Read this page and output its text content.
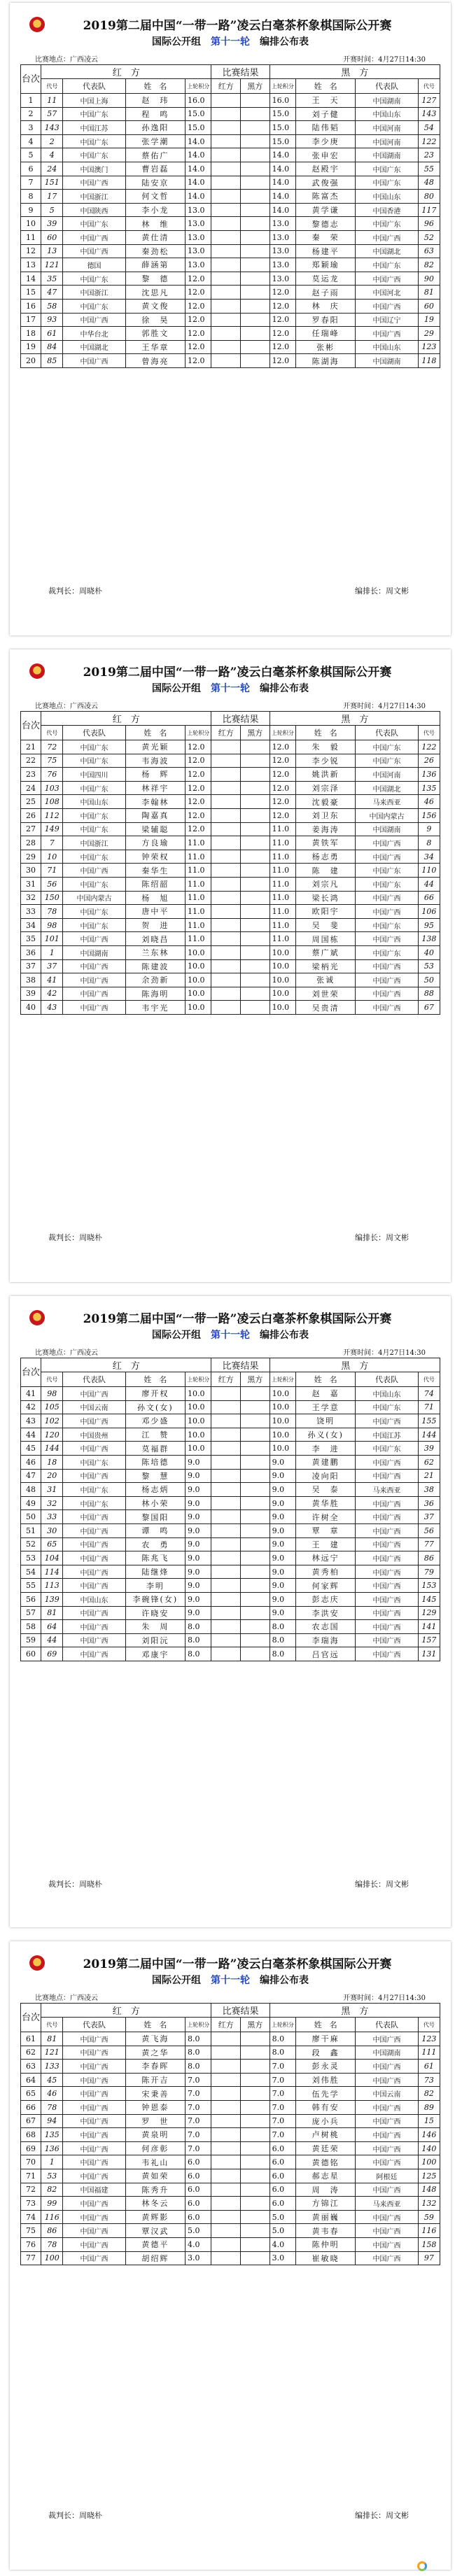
2019第二届中国“一带一路”凌云白毫茶杯象棋国际公开赛
国际公开组　 第十一轮　 编排公布表
比赛地点：广西凌云	开赛时间：4月27日14:30
台次	红　方				比赛结果		黑　方			
	代号	代表队	姓　名	上轮积分	红方	黑方	上轮积分	姓　名	代表队	代号
1	11	中国上海	赵　玮	16.0			16.0	王　天	中国湖南	127
2	57	中国广东	程　鸣	15.0			15.0	刘子健	中国山东	143
3	143	中国江苏	孙逸阳	15.0			15.0	陆伟韬	中国河南	54
4	2	中国广东	张学潮	14.0			15.0	李少庚	中国河南	122
5	4	中国广东	蔡佑广	14.0			14.0	张申宏	中国湖南	23
6	24	中国澳门	曹岩磊	14.0			14.0	赵殿宇	中国广东	55
7	151	中国广西	陆安京	14.0			14.0	武俊强	中国广东	48
8	17	中国浙江	何文哲	14.0			14.0	陈富杰	中国山东	80
9	5	中国陕西	李小龙	13.0			14.0	黄学谦	中国香港	117
10	39	中国广东	林　维	13.0			13.0	黎德志	中国广东	96
11	60	中国广西	黄仕清	13.0			13.0	秦　荣	中国广西	52
12	13	中国广西	秦劲松	13.0			13.0	杨建平	中国湖北	63
13	121	德国	薛涵第	13.0			13.0	郑颖瑜	中国广东	82
14	35	中国广东	黎　德	12.0			13.0	莫运龙	中国广西	90
15	47	中国浙江	沈思凡	12.0			12.0	赵子雨	中国河北	81
16	58	中国广东	黄文俊	12.0			12.0	林　庆	中国广西	60
17	93	中国广西	徐　昊	12.0			12.0	罗春阳	中国辽宁	19
18	61	中华台北	郭胜文	12.0			12.0	任瑞峰	中国广西	29
19	84	中国湖北	王华章	12.0			12.0	张彬	中国山东	123
20	85	中国广西	曾海亮	12.0			12.0	陈湖海	中国湖南	118
裁判长：周晓朴	编排长：周文彬
2019第二届中国“一带一路”凌云白毫茶杯象棋国际公开赛
国际公开组　 第十一轮　 编排公布表
比赛地点：广西凌云	开赛时间：4月27日14:30
台次	红　方				比赛结果		黑　方			
	代号	代表队	姓　名	上轮积分	红方	黑方	上轮积分	姓　名	代表队	代号
21	72	中国广东	黄光颖	12.0			12.0	朱　毅	中国广东	122
22	75	中国广东	韦海波	12.0			12.0	李少锐	中国广东	26
23	76	中国四川	杨　辉	12.0			12.0	姚洪新	中国河南	136
24	103	中国广东	林祥宇	12.0			12.0	刘宗泽	中国湖北	135
25	108	中国山东	李翰林	12.0			12.0	沈毅豪	马来西亚	46
26	112	中国广东	陶嘉真	12.0			12.0	刘卫东	中国内蒙古	156
27	149	中国广东	梁辅聪	12.0			11.0	姜海涛	中国湖南	9
28	7	中国浙江	方良瑜	11.0			11.0	黄铁军	中国广西	8
29	10	中国广东	钟荣权	11.0			11.0	杨志勇	中国广西	34
30	71	中国广西	秦华生	11.0			11.0	陈　建	中国广东	110
31	56	中国广东	陈绍韶	11.0			11.0	刘宗凡	中国广东	44
32	150	中国内蒙古	杨　旭	11.0			11.0	梁长鸿	中国广西	66
33	78	中国广东	唐中平	11.0			11.0	欧阳宇	中国广西	106
34	98	中国广东	贺　进	11.0			11.0	吴　斐	中国广东	95
35	101	中国广西	刘晓昌	11.0			11.0	周国栋	中国广西	138
36	1	中国湖南	兰东林	10.0			10.0	蔡广斌	中国广东	40
37	37	中国广西	陈建波	10.0			10.0	梁柄光	中国广西	53
38	41	中国广西	余劲新	10.0			10.0	张诚	中国广西	50
39	42	中国广西	陈海明	10.0			10.0	刘世荣	中国广西	88
40	43	中国广西	韦宇光	10.0			10.0	吴贵清	中国广西	67
裁判长：周晓朴	编排长：周文彬
2019第二届中国“一带一路”凌云白毫茶杯象棋国际公开赛
国际公开组　 第十一轮　 编排公布表
比赛地点：广西凌云	开赛时间：4月27日14:30
台次	红　方				比赛结果		黑　方			
	代号	代表队	姓　名	上轮积分	红方	黑方	上轮积分	姓　名	代表队	代号
41	98	中国广西	廖开权	10.0			10.0	赵　嘉	中国山东	74
42	105	中国云南	孙文(女)	10.0			10.0	王学意	中国广东	71
43	102	中国广西	邓少盛	10.0			10.0	饶明	中国广西	155
44	120	中国贵州	江　赞	10.0			10.0	孙义(女)	中国江苏	144
45	144	中国广西	莫福群	10.0			10.0	李　进	中国广东	39
46	18	中国广东	陈培德	9.0			9.0	黄建鹏	中国广西	62
47	20	中国广西	黎　慧	9.0			9.0	凌向阳	中国广西	21
48	31	中国广东	杨志炳	9.0			9.0	吴　泰	马来西亚	38
49	32	中国广东	林小荣	9.0			9.0	黄华胜	中国广西	36
50	33	中国广西	黎国阳	9.0			9.0	许树全	中国广西	37
51	30	中国广西	谭　鸣	9.0			9.0	覃　章	中国广西	56
52	65	中国广西	农　勇	9.0			9.0	王　建	中国广西	77
53	104	中国广西	陈兆飞	9.0			9.0	林远宁	中国广西	86
54	114	中国广西	陆继烽	9.0			9.0	黄秀柏	中国广西	79
55	113	中国广西	李明	9.0			9.0	何家辉	中国广西	153
56	139	中国山东	李碗锋(女)	9.0			9.0	彭志庆	中国广西	145
57	81	中国广西	许晓安	9.0			9.0	李洪安	中国广西	129
58	64	中国广西	朱　周	8.0			8.0	农志国	中国广西	141
59	44	中国广西	刘阳沅	8.0			8.0	李瑞海	中国广西	157
60	69	中国广西	邓康宇	8.0			8.0	吕官远	中国广西	131
裁判长：周晓朴	编排长：周文彬
2019第二届中国“一带一路”凌云白毫茶杯象棋国际公开赛
国际公开组　 第十一轮　 编排公布表
比赛地点：广西凌云	开赛时间：4月27日14:30
台次	红　方				比赛结果		黑　方			
	代号	代表队	姓　名	上轮积分	红方	黑方	上轮积分	姓　名	代表队	代号
61	81	中国广西	黄飞海	8.0			8.0	廖干麻	中国广西	123
62	121	中国广西	黄之华	8.0			8.0	段　鑫	中国湖南	111
63	133	中国广西	李春晖	8.0			7.0	彭永灵	中国广西	61
64	45	中国广西	陈开吉	7.0			7.0	刘伟胜	中国广西	73
65	46	中国广西	宋秉善	7.0			7.0	伍先学	中国云南	82
66	78	中国广西	钟恩泰	7.0			7.0	韩有安	中国广西	89
67	94	中国广西	罗　世	7.0			7.0	庞小兵	中国广西	15
68	135	中国广西	黄泉明	7.0			7.0	卢树桃	中国广西	146
69	136	中国广西	何彦彰	7.0			6.0	黄廷荣	中国广西	140
70	1	中国广西	韦礼山	6.0			6.0	黄德铭	中国广西	100
71	53	中国广西	黄如荣	6.0			6.0	郝志星	阿根廷	125
72	82	中国福建	陈秀升	6.0			6.0	周　涛	中国广西	148
73	99	中国广西	林冬云	6.0			6.0	方锦江	马来西亚	132
74	116	中国广西	黄辉影	6.0			5.0	黄丽巍	中国广西	59
75	86	中国广西	覃汉武	5.0			5.0	黄韦春	中国广西	116
76	78	中国广西	黄德平	4.0			4.0	陈仲明	中国广西	158
77	100	中国广西	胡绍辉	3.0			3.0	崔敏晓	中国广西	97
裁判长：周晓朴	编排长：周文彬
